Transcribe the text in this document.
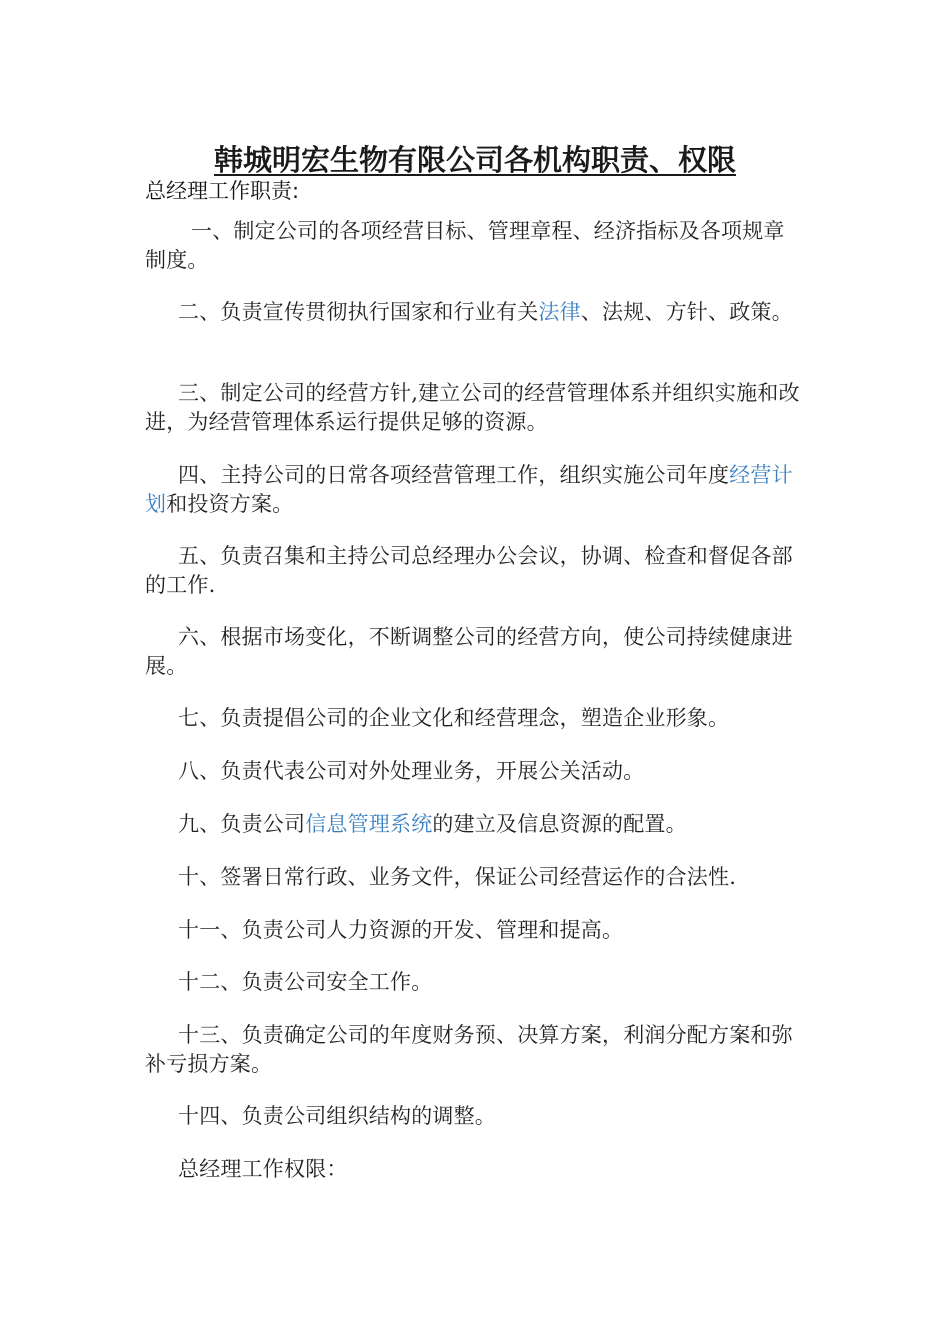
韩城明宏生物有限公司各机构职责、权限

总经理工作职责:

一、制定公司的各项经营目标、管理章程、经济指标及各项规章制度。

二、负责宣传贯彻执行国家和行业有关法律、法规、方针、政策。

三、制定公司的经营方针,建立公司的经营管理体系并组织实施和改进，为经营管理体系运行提供足够的资源。

四、主持公司的日常各项经营管理工作，组织实施公司年度经营计划和投资方案。

五、负责召集和主持公司总经理办公会议，协调、检查和督促各部的工作.

六、根据市场变化，不断调整公司的经营方向，使公司持续健康进展。

七、负责提倡公司的企业文化和经营理念，塑造企业形象。

八、负责代表公司对外处理业务，开展公关活动。

九、负责公司信息管理系统的建立及信息资源的配置。

十、签署日常行政、业务文件，保证公司经营运作的合法性.

十一、负责公司人力资源的开发、管理和提高。

十二、负责公司安全工作。

十三、负责确定公司的年度财务预、决算方案，利润分配方案和弥补亏损方案。

十四、负责公司组织结构的调整。

总经理工作权限：
